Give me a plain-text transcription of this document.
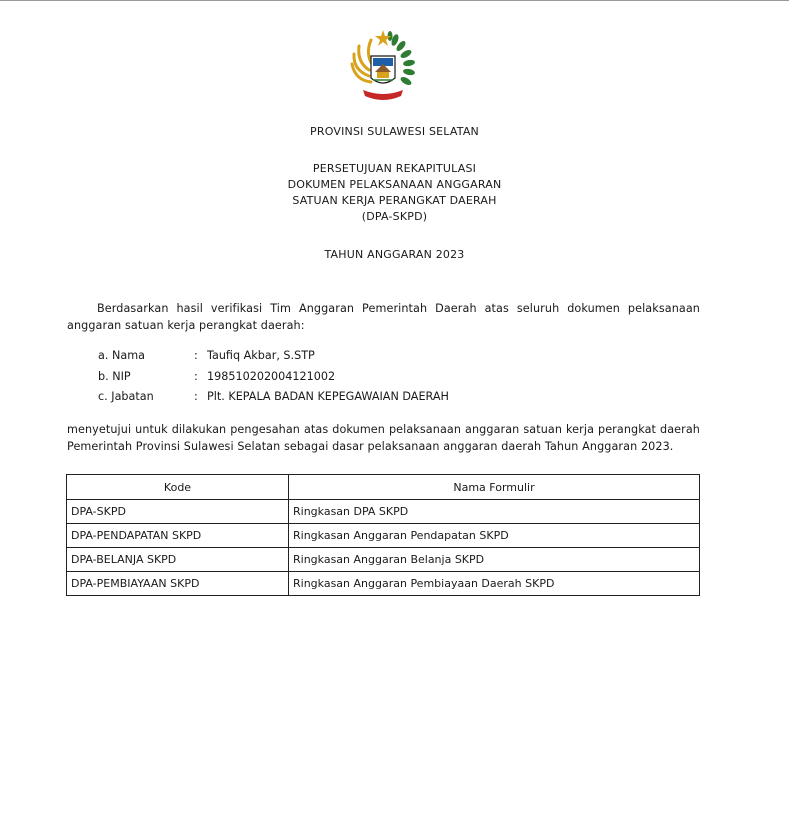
PROVINSI SULAWESI SELATAN
PERSETUJUAN REKAPITULASI
DOKUMEN PELAKSANAAN ANGGARAN
SATUAN KERJA PERANGKAT DAERAH
(DPA-SKPD)
TAHUN ANGGARAN 2023
Berdasarkan hasil verifikasi Tim Anggaran Pemerintah Daerah atas seluruh dokumen pelaksanaan anggaran satuan kerja perangkat daerah:
a. Nama	: Taufiq Akbar, S.STP
b. NIP	: 198510202004121002
c. Jabatan	: Plt. KEPALA BADAN KEPEGAWAIAN DAERAH
menyetujui untuk dilakukan pengesahan atas dokumen pelaksanaan anggaran satuan kerja perangkat daerah Pemerintah Provinsi Sulawesi Selatan sebagai dasar pelaksanaan anggaran daerah Tahun Anggaran 2023.
Kode	Nama Formulir
DPA-SKPD	Ringkasan DPA SKPD
DPA-PENDAPATAN SKPD	Ringkasan Anggaran Pendapatan SKPD
DPA-BELANJA SKPD	Ringkasan Anggaran Belanja SKPD
DPA-PEMBIAYAAN SKPD	Ringkasan Anggaran Pembiayaan Daerah SKPD
